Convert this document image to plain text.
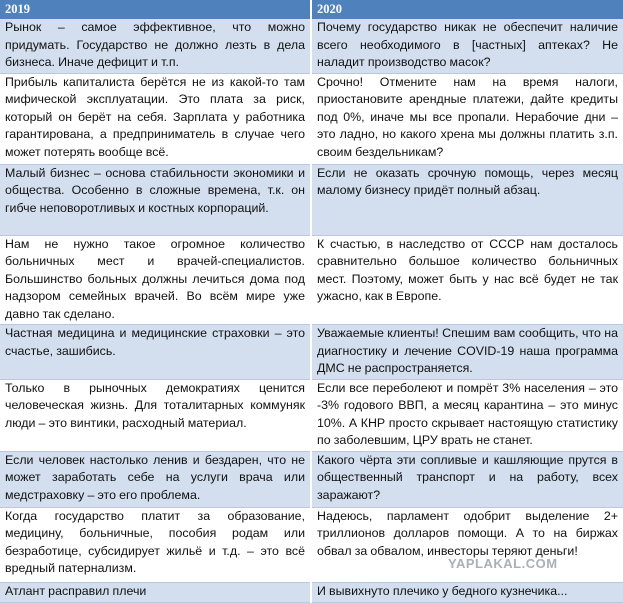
2019	2020
Рынок – самое эффективное, что можно придумать. Государство не должно лезть в дела бизнеса. Иначе дефицит и т.п.	Почему государство никак не обеспечит наличие всего необходимого в [частных] аптеках? Не наладит производство масок?
Прибыль капиталиста берётся не из какой-то там мифической эксплуатации. Это плата за риск, который он берёт на себя. Зарплата у работника гарантирована, а предприниматель в случае чего может потерять вообще всё.	Срочно! Отмените нам на время налоги, приостановите арендные платежи, дайте кредиты под 0%, иначе мы все пропали. Нерабочие дни – это ладно, но какого хрена мы должны платить з.п. своим бездельникам?
Малый бизнес – основа стабильности экономики и общества. Особенно в сложные времена, т.к. он гибче неповоротливых и костных корпораций.	Если не оказать срочную помощь, через месяц малому бизнесу придёт полный абзац.
Нам не нужно такое огромное количество больничных мест и врачей-специалистов. Большинство больных должны лечиться дома под надзором семейных врачей. Во всём мире уже давно так сделано.	К счастью, в наследство от СССР нам досталось сравнительно большое количество больничных мест. Поэтому, может быть у нас всё будет не так ужасно, как в Европе.
Частная медицина и медицинские страховки – это счастье, зашибись.	Уважаемые клиенты! Спешим вам сообщить, что на диагностику и лечение COVID-19 наша программа ДМС не распространяется.
Только в рыночных демократиях ценится человеческая жизнь. Для тоталитарных коммуняк люди – это винтики, расходный материал.	Если все переболеют и помрёт 3% населения – это -3% годового ВВП, а месяц карантина – это минус 10%. А КНР просто скрывает настоящую статистику по заболевшим, ЦРУ врать не станет.
Если человек настолько ленив и бездарен, что не может заработать себе на услуги врача или медстраховку – это его проблема.	Какого чёрта эти сопливые и кашляющие прутся в общественный транспорт и на работу, всех заражают?
Когда государство платит за образование, медицину, больничные, пособия родам или безработице, субсидирует жильё и т.д. – это всё вредный патернализм.	Надеюсь, парламент одобрит выделение 2+ триллионов долларов помощи. А то на биржах обвал за обвалом, инвесторы теряют деньги!
Атлант расправил плечи	И вывихнуто плечико у бедного кузнечика...
YAPLAKAL.COM
